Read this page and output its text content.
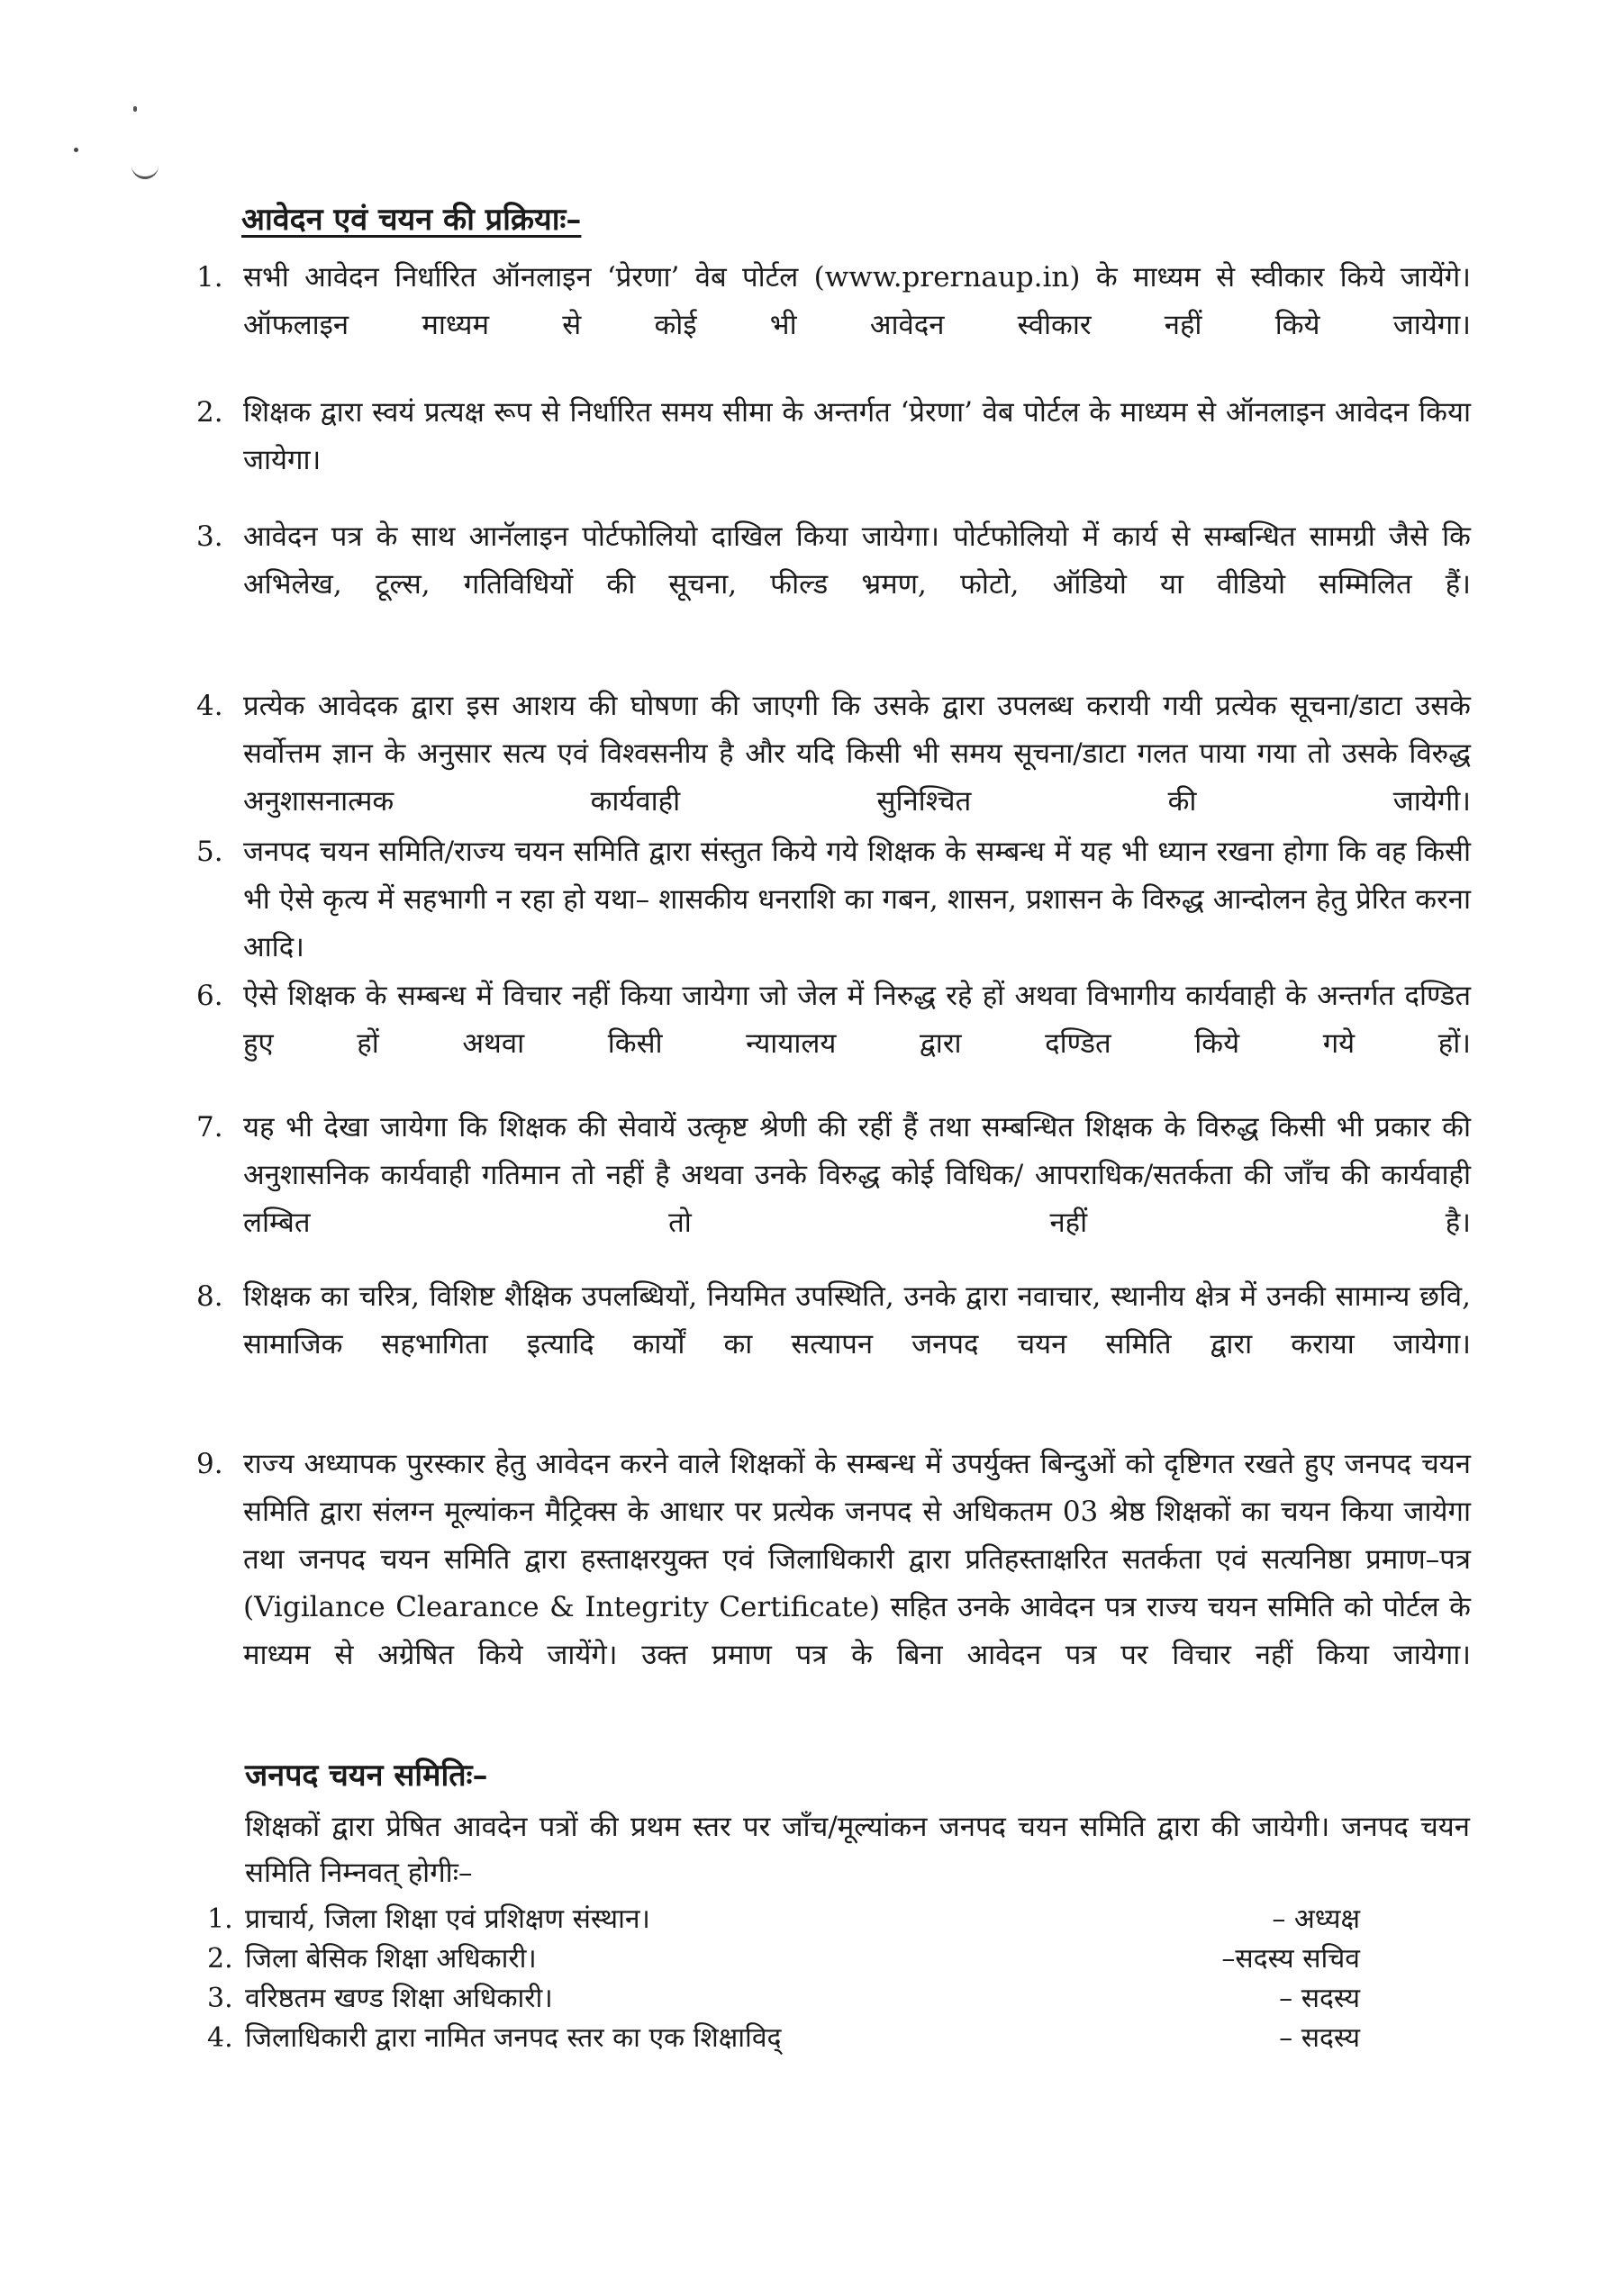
आवेदन एवं चयन की प्रक्रियाः–
1. सभी आवेदन निर्धारित ऑनलाइन ‘प्रेरणा’ वेब पोर्टल (www.prernaup.in) के माध्यम से स्वीकार किये जायेंगे। ऑफलाइन माध्यम से कोई भी आवेदन स्वीकार नहीं किये जायेगा।
2. शिक्षक द्वारा स्वयं प्रत्यक्ष रूप से निर्धारित समय सीमा के अन्तर्गत ‘प्रेरणा’ वेब पोर्टल के माध्यम से ऑनलाइन आवेदन किया जायेगा।
3. आवेदन पत्र के साथ आनॅलाइन पोर्टफोलियो दाखिल किया जायेगा। पोर्टफोलियो में कार्य से सम्बन्धित सामग्री जैसे कि अभिलेख, टूल्स, गतिविधियों की सूचना, फील्ड भ्रमण, फोटो, ऑडियो या वीडियो सम्मिलित हैं।
4. प्रत्येक आवेदक द्वारा इस आशय की घोषणा की जाएगी कि उसके द्वारा उपलब्ध करायी गयी प्रत्येक सूचना/डाटा उसके सर्वोत्तम ज्ञान के अनुसार सत्य एवं विश्वसनीय है और यदि किसी भी समय सूचना/डाटा गलत पाया गया तो उसके विरुद्ध अनुशासनात्मक कार्यवाही सुनिश्चित की जायेगी।
5. जनपद चयन समिति/राज्य चयन समिति द्वारा संस्तुत किये गये शिक्षक के सम्बन्ध में यह भी ध्यान रखना होगा कि वह किसी भी ऐसे कृत्य में सहभागी न रहा हो यथा– शासकीय धनराशि का गबन, शासन, प्रशासन के विरुद्ध आन्दोलन हेतु प्रेरित करना आदि।
6. ऐसे शिक्षक के सम्बन्ध में विचार नहीं किया जायेगा जो जेल में निरुद्ध रहे हों अथवा विभागीय कार्यवाही के अन्तर्गत दण्डित हुए हों अथवा किसी न्यायालय द्वारा दण्डित किये गये हों।
7. यह भी देखा जायेगा कि शिक्षक की सेवायें उत्कृष्ट श्रेणी की रहीं हैं तथा सम्बन्धित शिक्षक के विरुद्ध किसी भी प्रकार की अनुशासनिक कार्यवाही गतिमान तो नहीं है अथवा उनके विरुद्ध कोई विधिक/ आपराधिक/सतर्कता की जाँच की कार्यवाही लम्बित तो नहीं है।
8. शिक्षक का चरित्र, विशिष्ट शैक्षिक उपलब्धियों, नियमित उपस्थिति, उनके द्वारा नवाचार, स्थानीय क्षेत्र में उनकी सामान्य छवि, सामाजिक सहभागिता इत्यादि कार्यों का सत्यापन जनपद चयन समिति द्वारा कराया जायेगा।
9. राज्य अध्यापक पुरस्कार हेतु आवेदन करने वाले शिक्षकों के सम्बन्ध में उपर्युक्त बिन्दुओं को दृष्टिगत रखते हुए जनपद चयन समिति द्वारा संलग्न मूल्यांकन मैट्रिक्स के आधार पर प्रत्येक जनपद से अधिकतम 03 श्रेष्ठ शिक्षकों का चयन किया जायेगा तथा जनपद चयन समिति द्वारा हस्ताक्षरयुक्त एवं जिलाधिकारी द्वारा प्रतिहस्ताक्षरित सतर्कता एवं सत्यनिष्ठा प्रमाण–पत्र (Vigilance Clearance & Integrity Certificate) सहित उनके आवेदन पत्र राज्य चयन समिति को पोर्टल के माध्यम से अग्रेषित किये जायेंगे। उक्त प्रमाण पत्र के बिना आवेदन पत्र पर विचार नहीं किया जायेगा।
जनपद चयन समितिः–

शिक्षकों द्वारा प्रेषित आवदेन पत्रों की प्रथम स्तर पर जाँच/मूल्यांकन जनपद चयन समिति द्वारा की जायेगी। जनपद चयन समिति निम्नवत् होगीः–

1. प्राचार्य, जिला शिक्षा एवं प्रशिक्षण संस्थान।	– अध्यक्ष
2. जिला बेसिक शिक्षा अधिकारी।	–सदस्य सचिव
3. वरिष्ठतम खण्ड शिक्षा अधिकारी।	– सदस्य
4. जिलाधिकारी द्वारा नामित जनपद स्तर का एक शिक्षाविद्	– सदस्य
